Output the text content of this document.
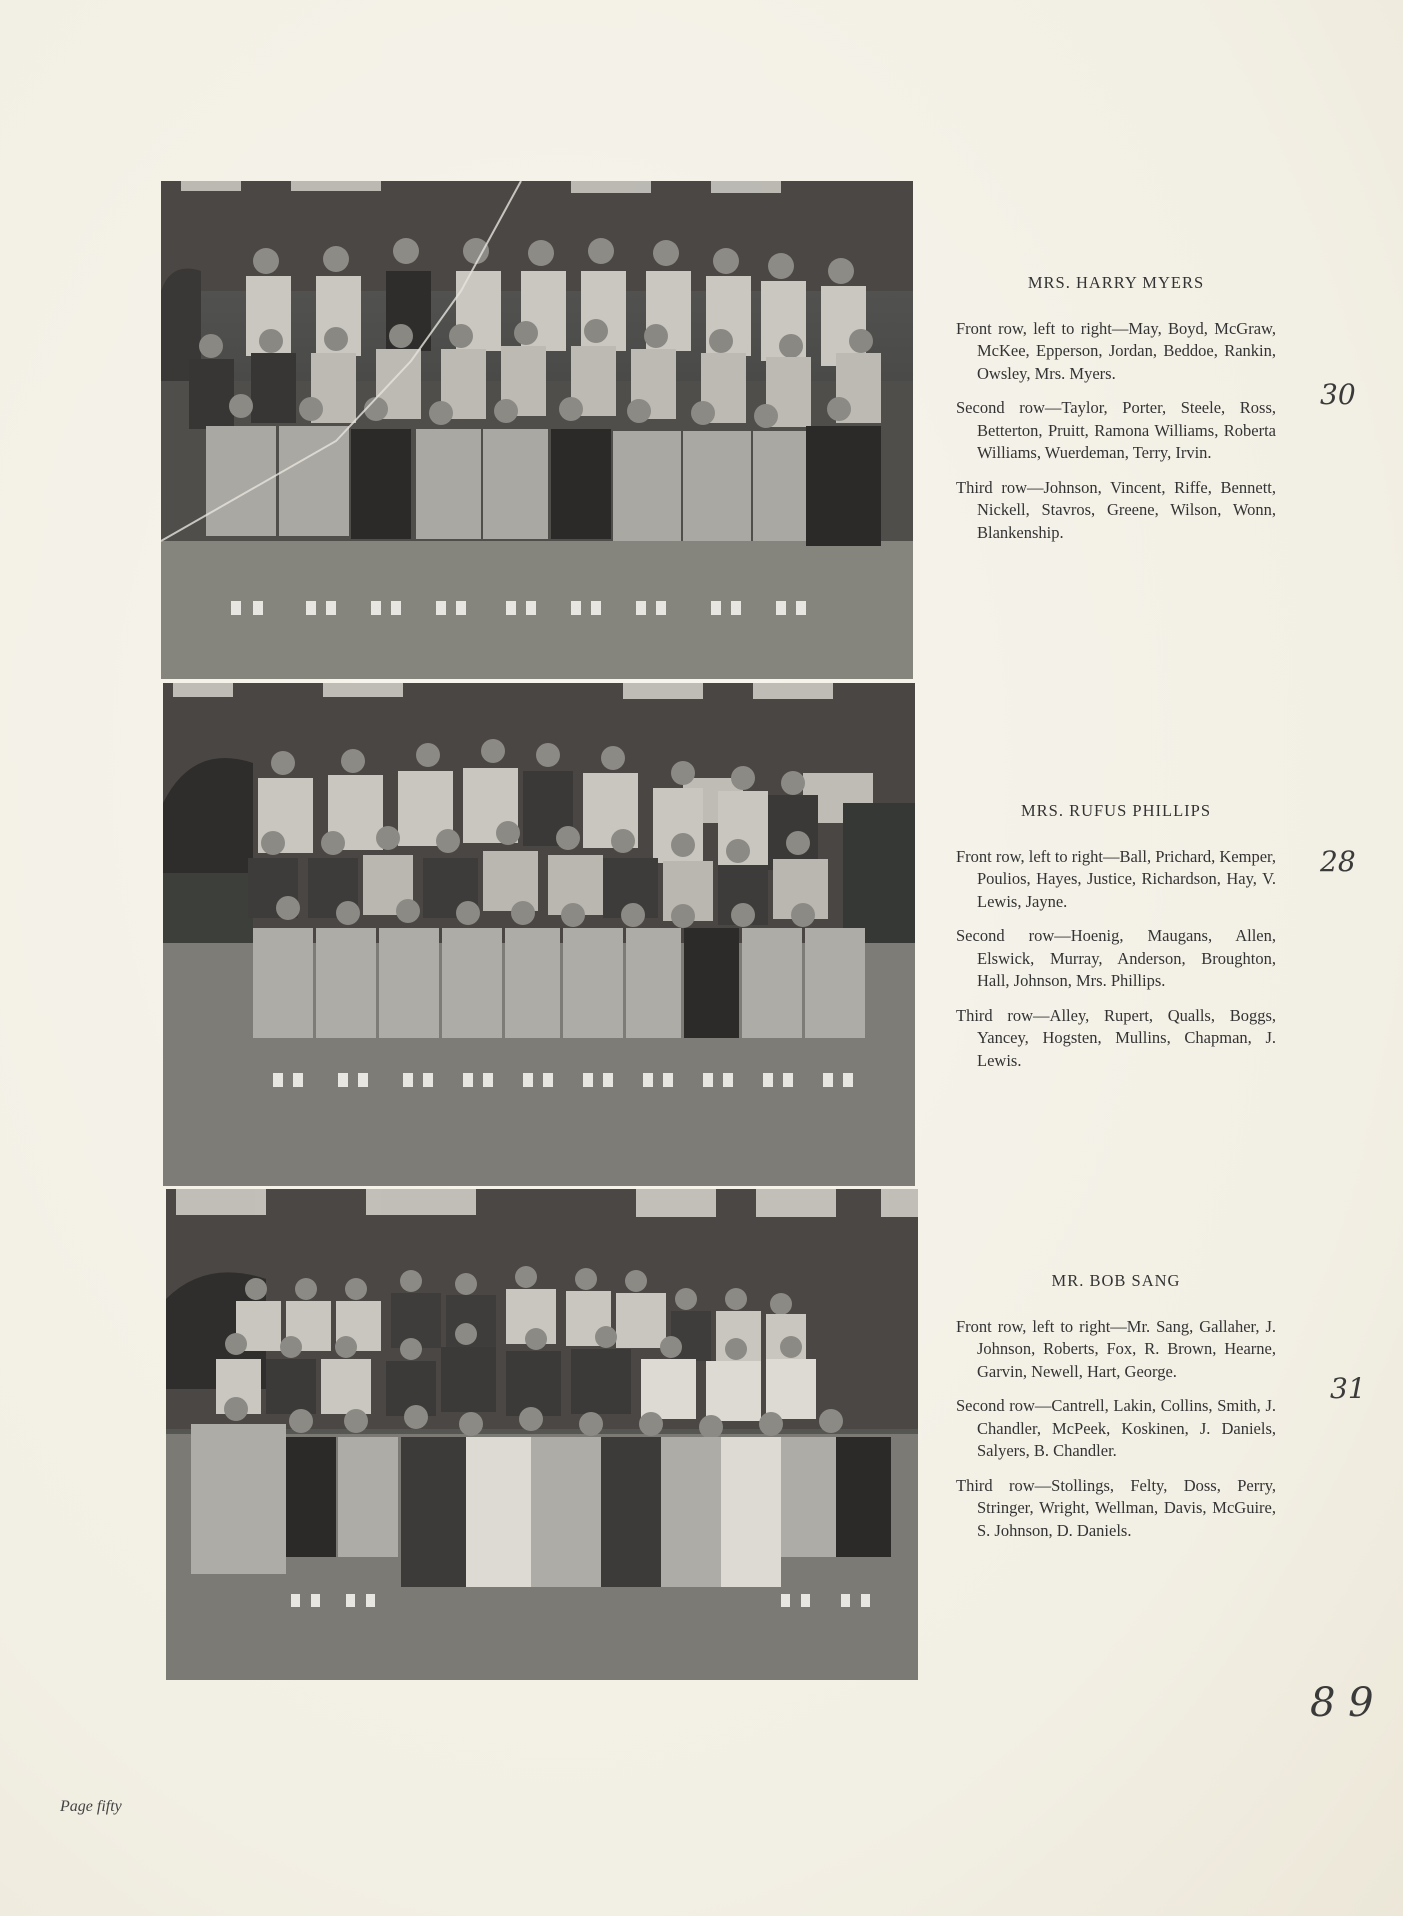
MRS. HARRY MYERS

Front row, left to right—May, Boyd, McGraw, McKee, Epperson, Jordan, Beddoe, Rankin, Owsley, Mrs. Myers.

Second row—Taylor, Porter, Steele, Ross, Betterton, Pruitt, Ramona Williams, Roberta Williams, Wuerdeman, Terry, Irvin.

Third row—Johnson, Vincent, Riffe, Bennett, Nickell, Stavros, Greene, Wilson, Wonn, Blankenship.

MRS. RUFUS PHILLIPS

Front row, left to right—Ball, Prichard, Kemper, Poulios, Hayes, Justice, Richardson, Hay, V. Lewis, Jayne.

Second row—Hoenig, Maugans, Allen, Elswick, Murray, Anderson, Broughton, Hall, Johnson, Mrs. Phillips.

Third row—Alley, Rupert, Qualls, Boggs, Yancey, Hogsten, Mullins, Chapman, J. Lewis.

MR. BOB SANG

Front row, left to right—Mr. Sang, Gallaher, J. Johnson, Roberts, Fox, R. Brown, Hearne, Garvin, Newell, Hart, George.

Second row—Cantrell, Lakin, Collins, Smith, J. Chandler, McPeek, Koskinen, J. Daniels, Salyers, B. Chandler.

Third row—Stollings, Felty, Doss, Perry, Stringer, Wright, Wellman, Davis, McGuire, S. Johnson, D. Daniels.

30
28
31
8 9
Page fifty
